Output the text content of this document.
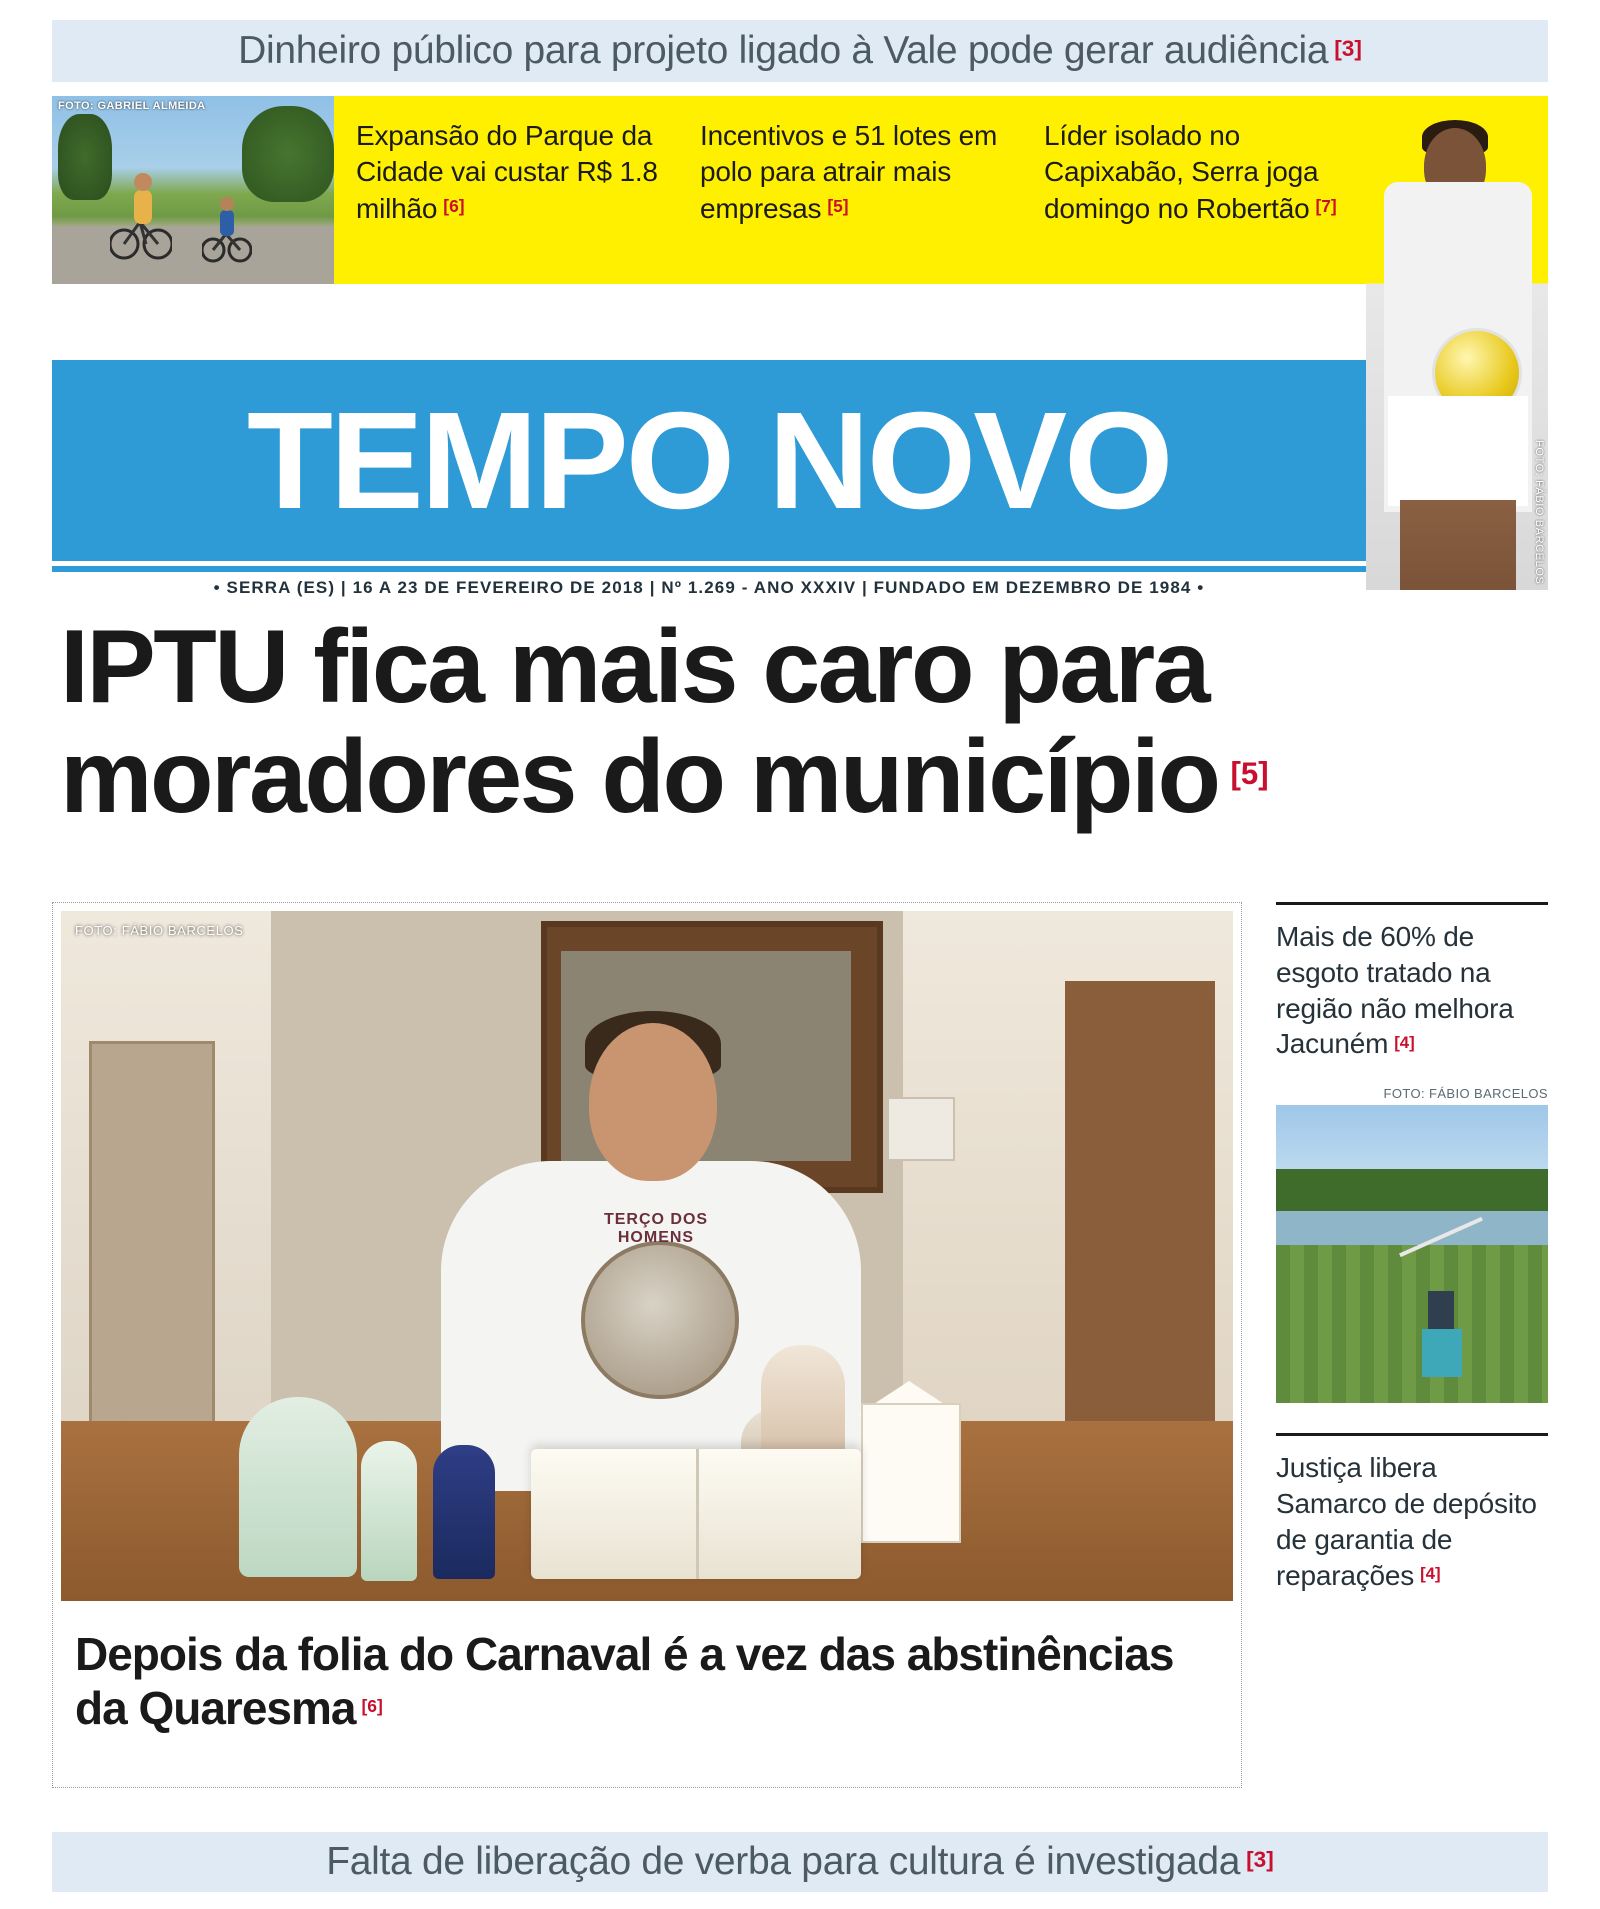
Dinheiro público para projeto ligado à Vale pode gerar audiência [3]
FOTO: GABRIEL ALMEIDA

Expansão do Parque da Cidade vai custar R$ 1.8 milhão [6]

Incentivos e 51 lotes em polo para atrair mais empresas [5]

Líder isolado no Capixabão, Serra joga domingo no Robertão [7]

FOTO: FÁBIO BARCELOS
TEMPO NOVO
• SERRA (ES) | 16 A 23 DE FEVEREIRO DE 2018 | Nº 1.269 - ANO XXXIV | FUNDADO EM DEZEMBRO DE 1984 •
IPTU fica mais caro para moradores do município [5]
TERÇO DOS HOMENS
FOTO: FÁBIO BARCELOS
Depois da folia do Carnaval é a vez das abstinências da Quaresma [6]

Mais de 60% de esgoto tratado na região não melhora Jacuném [4]

FOTO: FÁBIO BARCELOS

Justiça libera Samarco de depósito de garantia de reparações [4]

Falta de liberação de verba para cultura é investigada [3]
